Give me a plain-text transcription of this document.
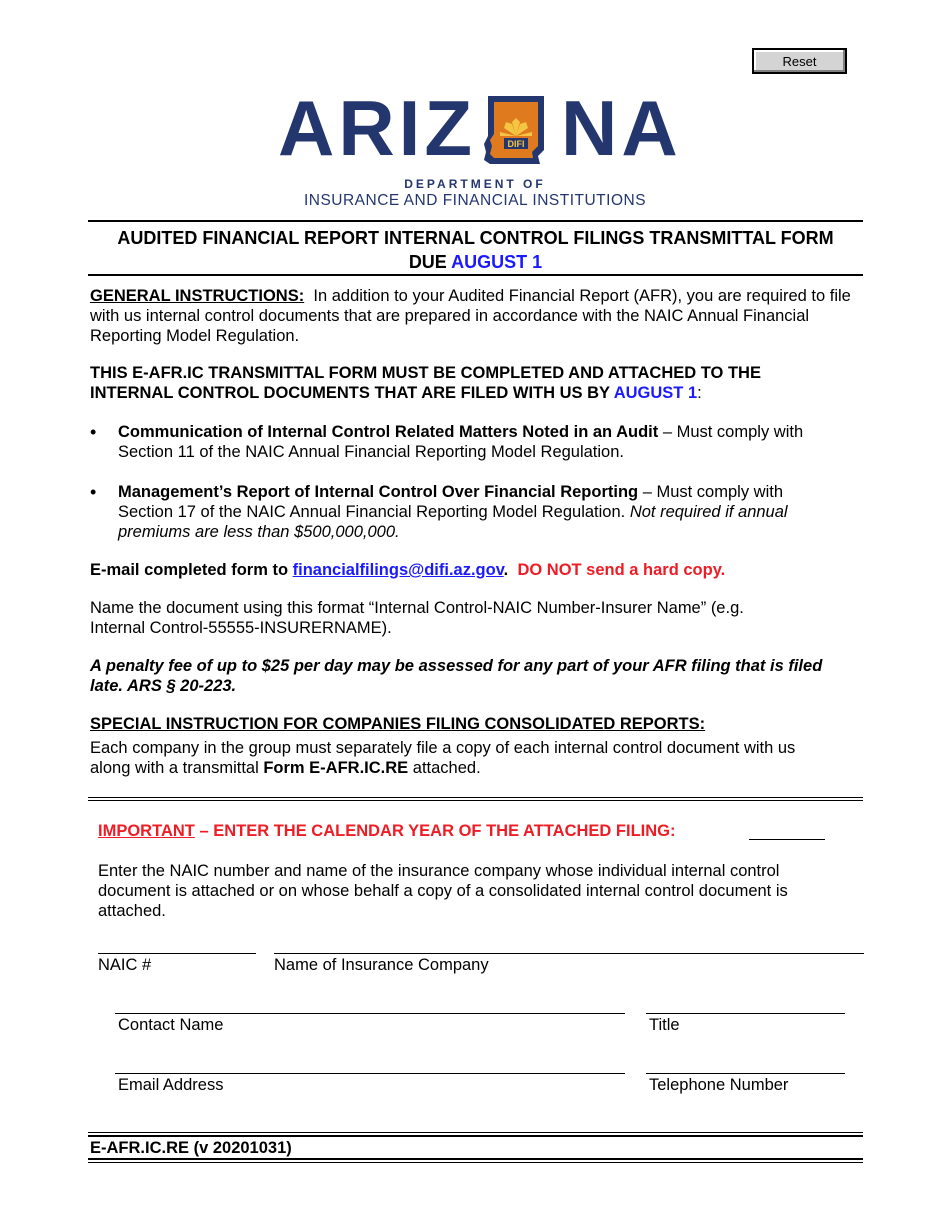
Reset
ARIZ	DIFI NA
DEPARTMENT OF
INSURANCE AND FINANCIAL INSTITUTIONS
AUDITED FINANCIAL REPORT INTERNAL CONTROL FILINGS TRANSMITTAL FORM
DUE AUGUST 1
GENERAL INSTRUCTIONS: In addition to your Audited Financial Report (AFR), you are required to file with us internal control documents that are prepared in accordance with the NAIC Annual Financial Reporting Model Regulation.
THIS E-AFR.IC TRANSMITTAL FORM MUST BE COMPLETED AND ATTACHED TO THE INTERNAL CONTROL DOCUMENTS THAT ARE FILED WITH US BY AUGUST 1:
• Communication of Internal Control Related Matters Noted in an Audit – Must comply with Section 11 of the NAIC Annual Financial Reporting Model Regulation.
• Management’s Report of Internal Control Over Financial Reporting – Must comply with Section 17 of the NAIC Annual Financial Reporting Model Regulation. Not required if annual premiums are less than $500,000,000.
E-mail completed form to financialfilings@difi.az.gov. DO NOT send a hard copy.
Name the document using this format “Internal Control-NAIC Number-Insurer Name” (e.g. Internal Control-55555-INSURERNAME).
A penalty fee of up to $25 per day may be assessed for any part of your AFR filing that is filed late. ARS § 20-223.
SPECIAL INSTRUCTION FOR COMPANIES FILING CONSOLIDATED REPORTS:
Each company in the group must separately file a copy of each internal control document with us along with a transmittal Form E-AFR.IC.RE attached.
IMPORTANT – ENTER THE CALENDAR YEAR OF THE ATTACHED FILING:
Enter the NAIC number and name of the insurance company whose individual internal control document is attached or on whose behalf a copy of a consolidated internal control document is attached.
NAIC #	Name of Insurance Company
Contact Name	Title
Email Address	Telephone Number
E-AFR.IC.RE (v 20201031)
